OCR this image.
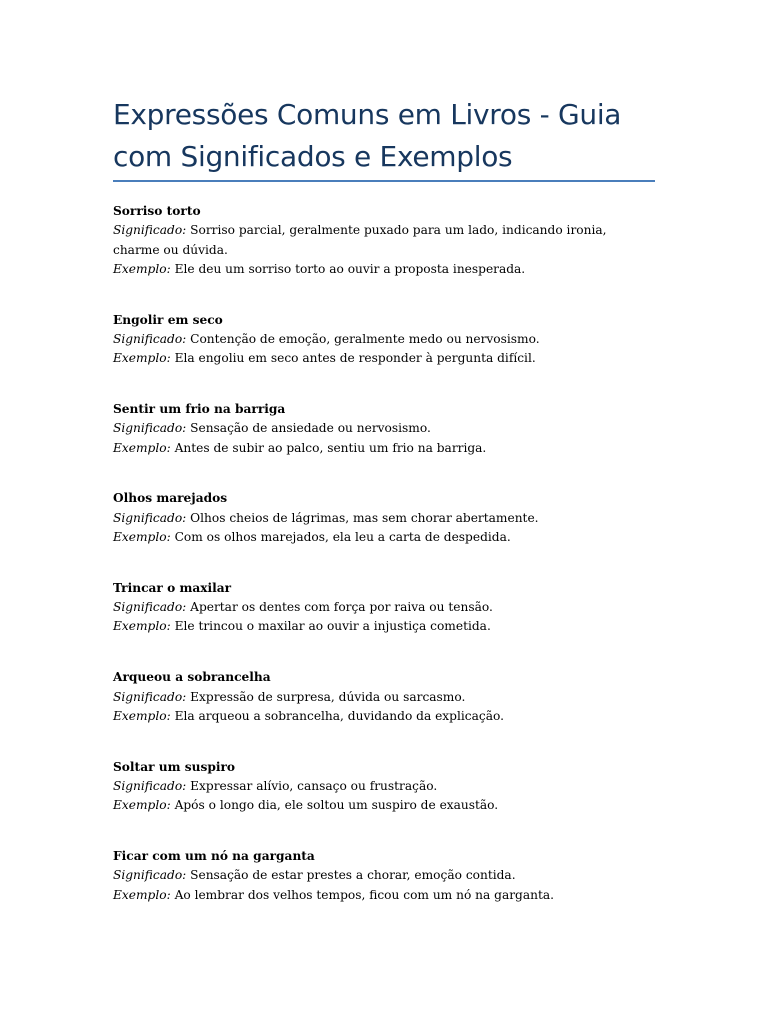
Expressões Comuns em Livros - Guia
com Significados e Exemplos
Sorriso torto
Significado: Sorriso parcial, geralmente puxado para um lado, indicando ironia, charme ou dúvida.
Exemplo: Ele deu um sorriso torto ao ouvir a proposta inesperada.
Engolir em seco
Significado: Contenção de emoção, geralmente medo ou nervosismo.
Exemplo: Ela engoliu em seco antes de responder à pergunta difícil.
Sentir um frio na barriga
Significado: Sensação de ansiedade ou nervosismo.
Exemplo: Antes de subir ao palco, sentiu um frio na barriga.
Olhos marejados
Significado: Olhos cheios de lágrimas, mas sem chorar abertamente.
Exemplo: Com os olhos marejados, ela leu a carta de despedida.
Trincar o maxilar
Significado: Apertar os dentes com força por raiva ou tensão.
Exemplo: Ele trincou o maxilar ao ouvir a injustiça cometida.
Arqueou a sobrancelha
Significado: Expressão de surpresa, dúvida ou sarcasmo.
Exemplo: Ela arqueou a sobrancelha, duvidando da explicação.
Soltar um suspiro
Significado: Expressar alívio, cansaço ou frustração.
Exemplo: Após o longo dia, ele soltou um suspiro de exaustão.
Ficar com um nó na garganta
Significado: Sensação de estar prestes a chorar, emoção contida.
Exemplo: Ao lembrar dos velhos tempos, ficou com um nó na garganta.
